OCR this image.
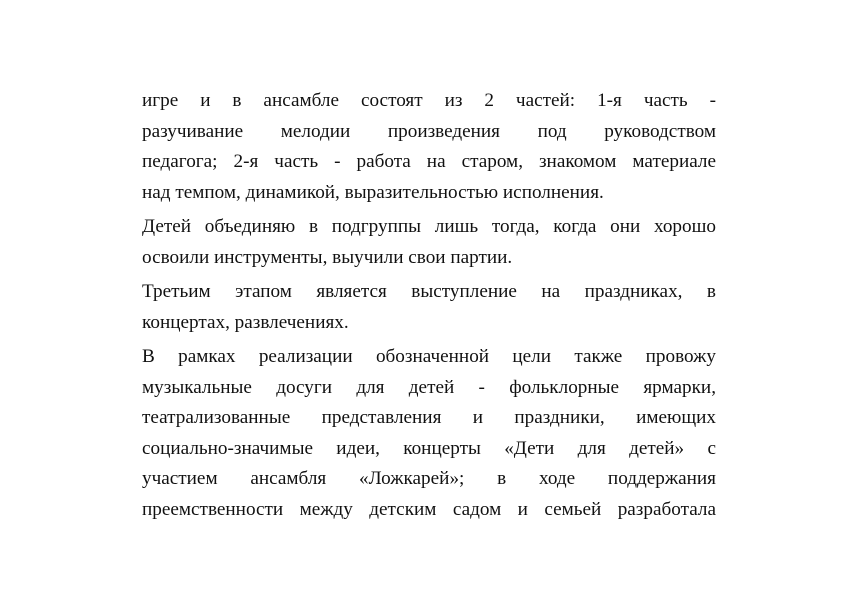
игре и в ансамбле состоят из 2 частей: 1-я часть -
разучивание мелодии произведения под руководством
педагога; 2-я часть - работа на старом, знакомом материале
над темпом, динамикой, выразительностью исполнения.

Детей объединяю в подгруппы лишь тогда, когда они хорошо
освоили инструменты, выучили свои партии.

Третьим этапом является выступление на праздниках, в
концертах, развлечениях.

В рамках реализации обозначенной цели также провожу
музыкальные досуги для детей - фольклорные ярмарки,
театрализованные представления и праздники, имеющих
социально-значимые идеи, концерты «Дети для детей» с
участием ансамбля «Ложкарей»; в ходе поддержания
преемственности между детским садом и семьей разработала
